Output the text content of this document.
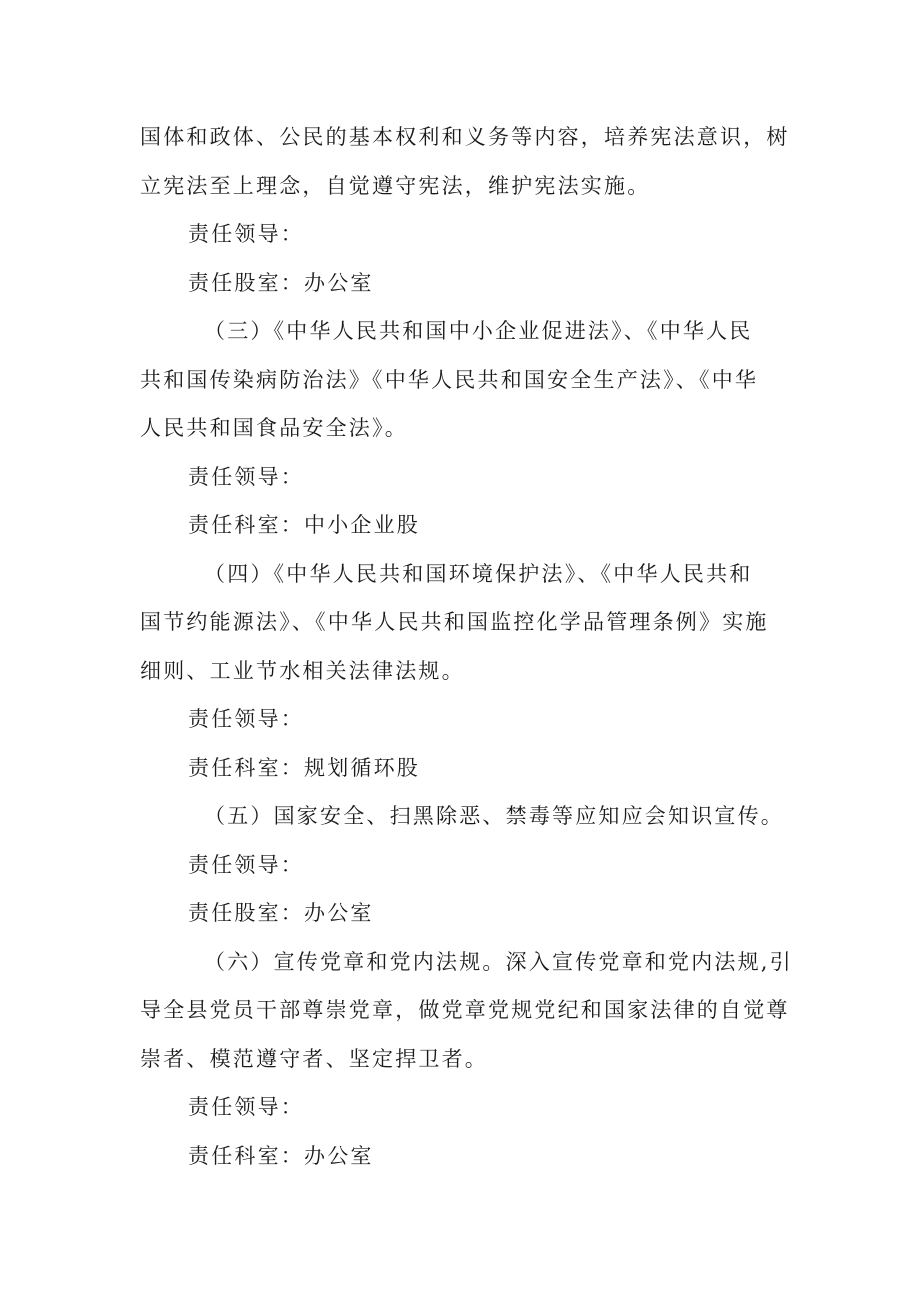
国体和政体、公民的基本权利和义务等内容，培养宪法意识，树
立宪法至上理念，自觉遵守宪法，维护宪法实施。
责任领导：
责任股室：办公室
（三）《中华人民共和国中小企业促进法》、《中华人民
共和国传染病防治法》《中华人民共和国安全生产法》、《中华
人民共和国食品安全法》。
责任领导：
责任科室：中小企业股
（四）《中华人民共和国环境保护法》、《中华人民共和
国节约能源法》、《中华人民共和国监控化学品管理条例》实施
细则、工业节水相关法律法规。
责任领导：
责任科室：规划循环股
（五）国家安全、扫黑除恶、禁毒等应知应会知识宣传。
责任领导：
责任股室：办公室
（六）宣传党章和党内法规。深入宣传党章和党内法规,引
导全县党员干部尊崇党章，做党章党规党纪和国家法律的自觉尊
崇者、模范遵守者、坚定捍卫者。
责任领导：
责任科室：办公室
